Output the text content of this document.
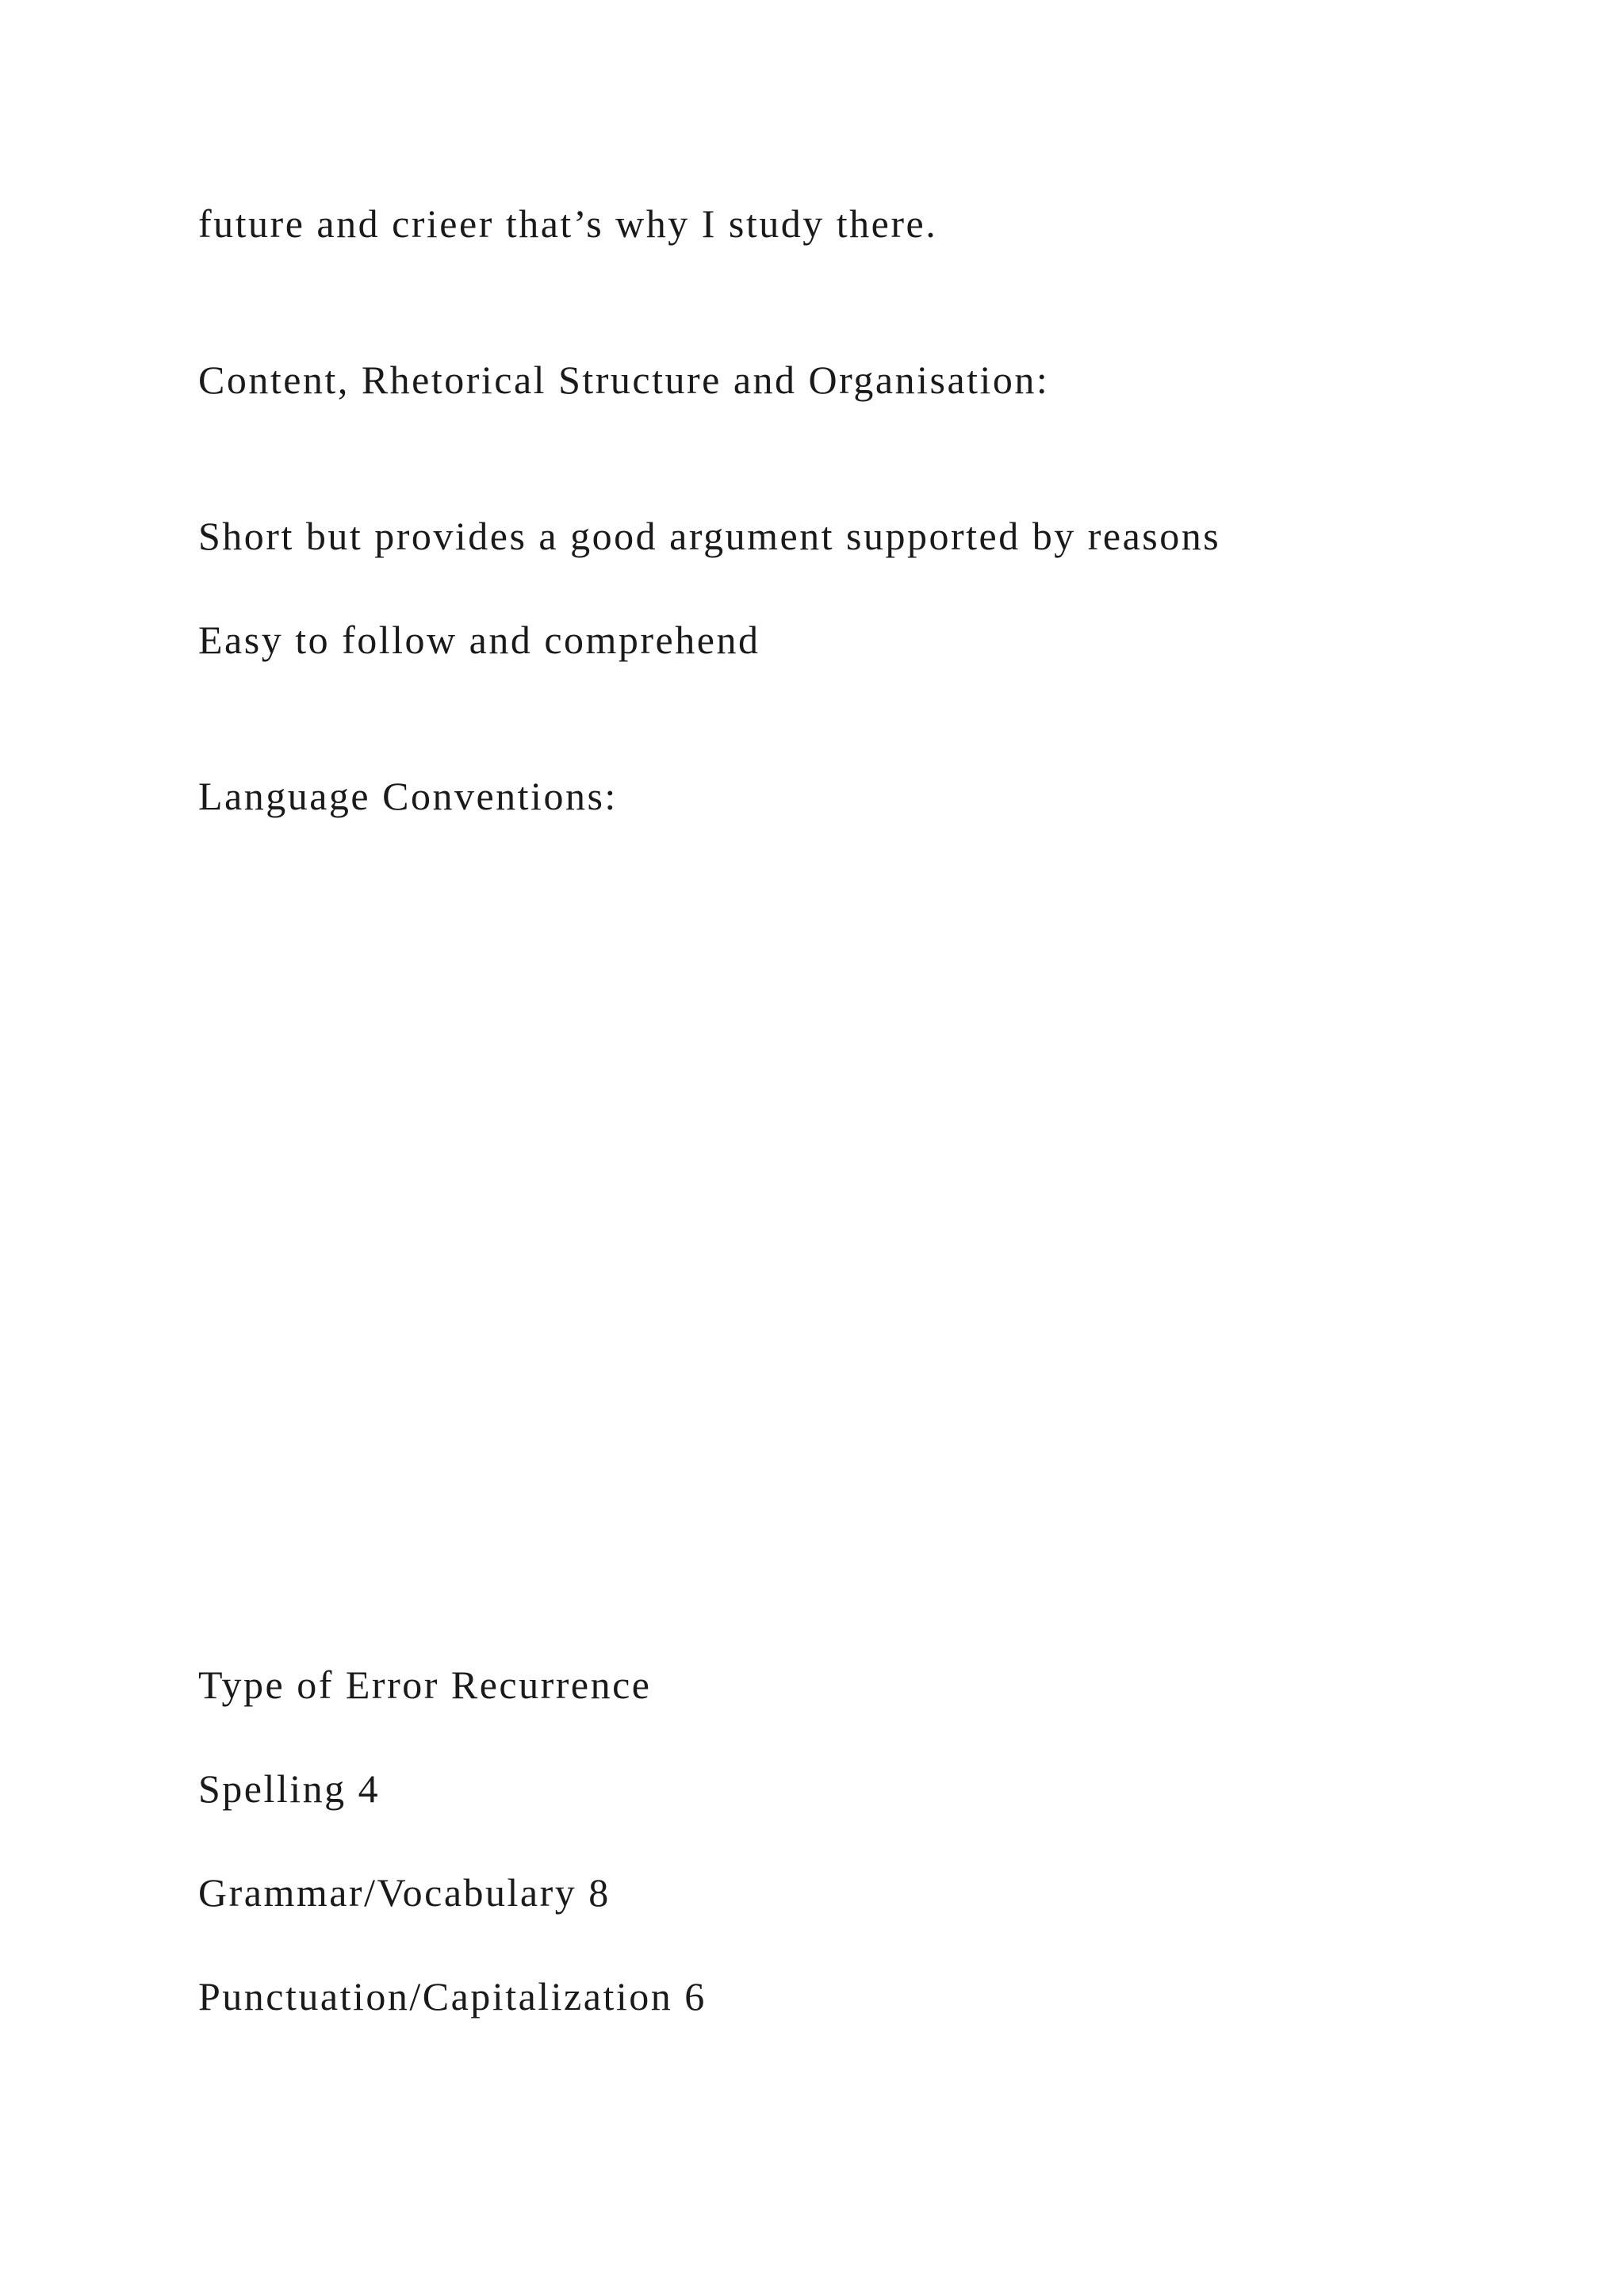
future and crieer that’s why I study there.

Content, Rhetorical Structure and Organisation:

Short but provides a good argument supported by reasons

Easy to follow and comprehend

Language Conventions:

Type of Error Recurrence

Spelling 4

Grammar/Vocabulary 8

Punctuation/Capitalization 6
